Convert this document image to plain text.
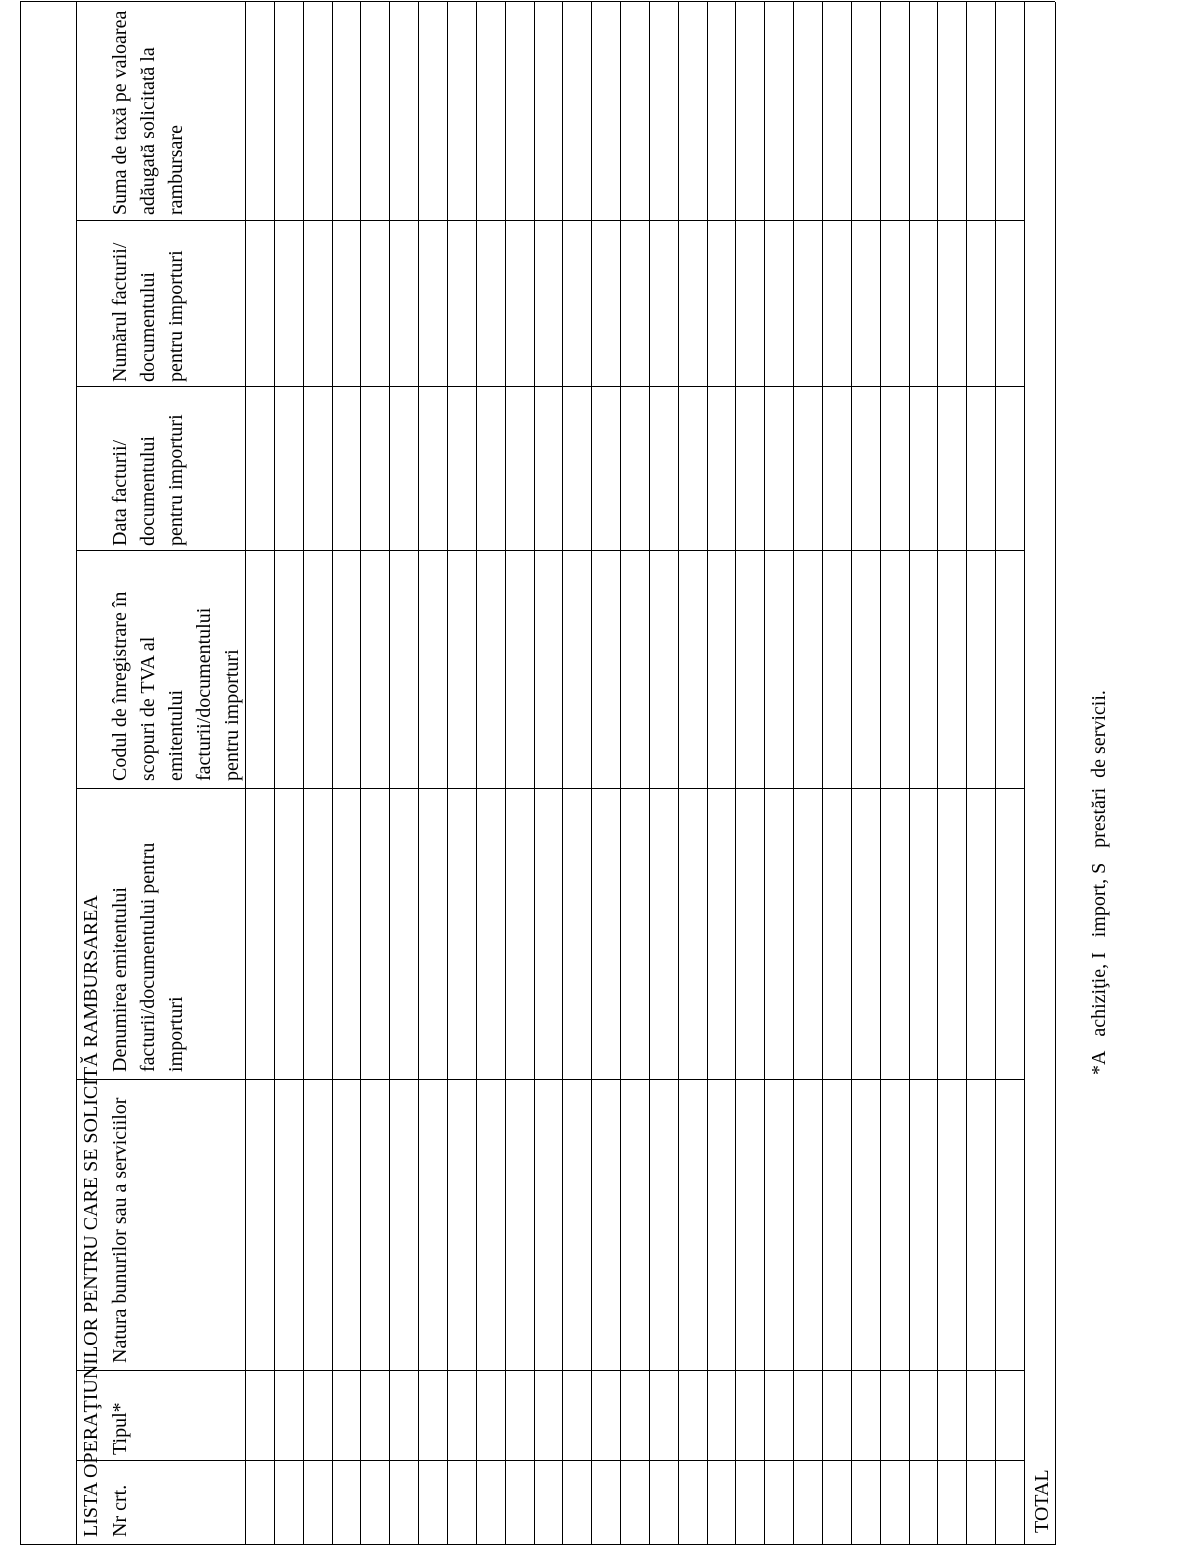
LISTA OPERAŢIUNILOR PENTRU CARE SE SOLICITĂ RAMBURSAREA Nr crt.
Tipul*
Natura bunurilor sau a serviciilor
Denumirea emitentului facturii/documentului pentru importuri
Codul de înregistrare în scopuri de TVA al emitentului facturii/documentului pentru importuri
Data facturii/ documentului pentru importuri
Numărul facturii/ documentului pentru importuri
Suma de taxă pe valoarea adăugată solicitată la rambursare
TOTAL
*A   achiziţie, I   import, S   prestări  de servicii.
